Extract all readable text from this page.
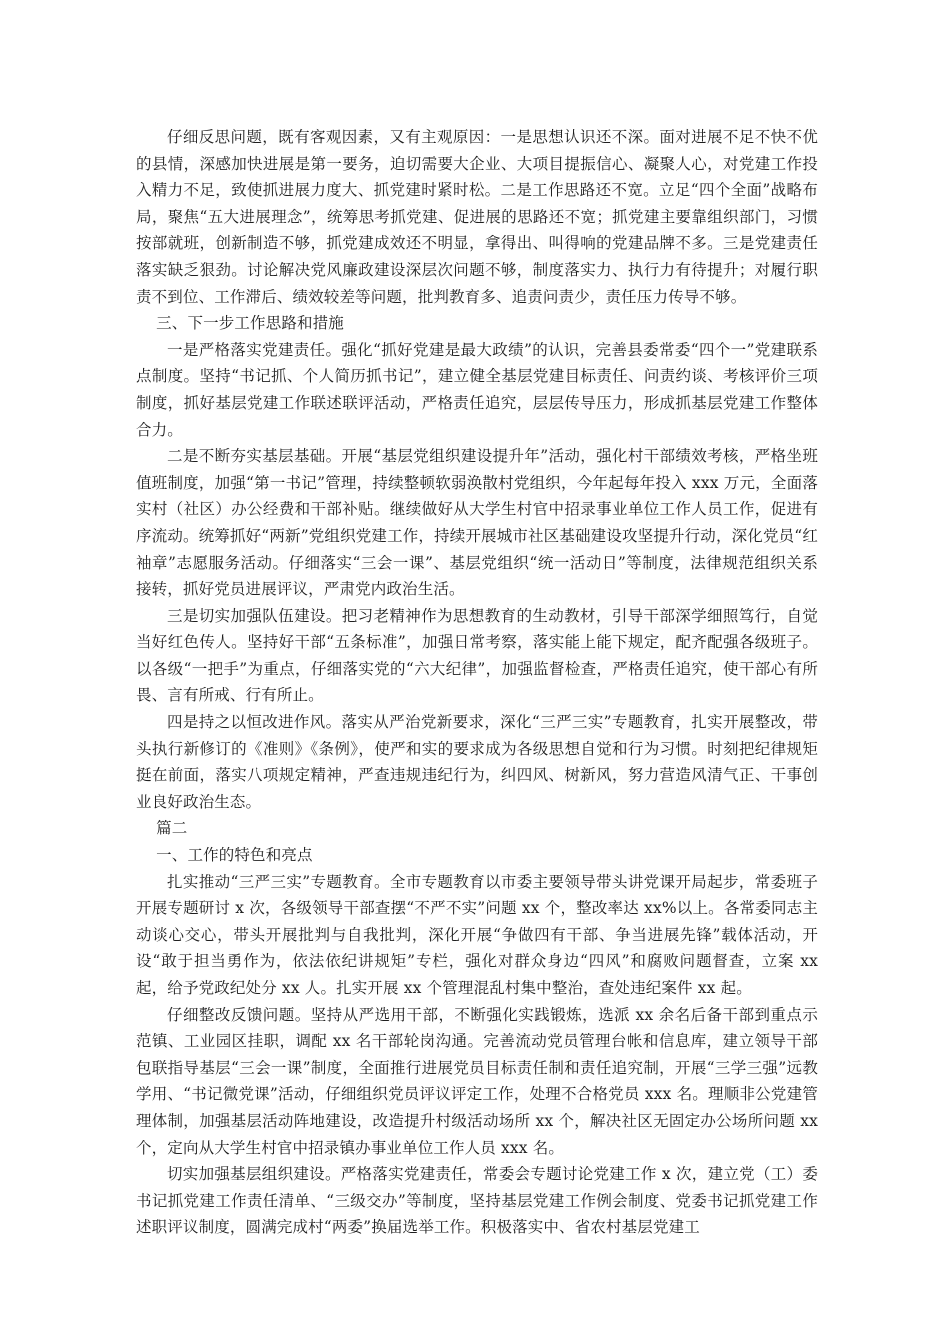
仔细反思问题，既有客观因素，又有主观原因：一是思想认识还不深。面对进展不足不快不优的县情，深感加快进展是第一要务，迫切需要大企业、大项目提振信心、凝聚人心，对党建工作投入精力不足，致使抓进展力度大、抓党建时紧时松。二是工作思路还不宽。立足“四个全面”战略布局，聚焦“五大进展理念”，统筹思考抓党建、促进展的思路还不宽；抓党建主要靠组织部门，习惯按部就班，创新制造不够，抓党建成效还不明显，拿得出、叫得响的党建品牌不多。三是党建责任落实缺乏狠劲。讨论解决党风廉政建设深层次问题不够，制度落实力、执行力有待提升；对履行职责不到位、工作滞后、绩效较差等问题，批判教育多、追责问责少，责任压力传导不够。

三、下一步工作思路和措施

一是严格落实党建责任。强化“抓好党建是最大政绩”的认识，完善县委常委“四个一”党建联系点制度。坚持“书记抓、个人简历抓书记”，建立健全基层党建目标责任、问责约谈、考核评价三项制度，抓好基层党建工作联述联评活动，严格责任追究，层层传导压力，形成抓基层党建工作整体合力。

二是不断夯实基层基础。开展“基层党组织建设提升年”活动，强化村干部绩效考核，严格坐班值班制度，加强“第一书记”管理，持续整顿软弱涣散村党组织，今年起每年投入 xxx 万元，全面落实村（社区）办公经费和干部补贴。继续做好从大学生村官中招录事业单位工作人员工作，促进有序流动。统筹抓好“两新”党组织党建工作，持续开展城市社区基础建设攻坚提升行动，深化党员“红袖章”志愿服务活动。仔细落实“三会一课”、基层党组织“统一活动日”等制度，法律规范组织关系接转，抓好党员进展评议，严肃党内政治生活。

三是切实加强队伍建设。把习老精神作为思想教育的生动教材，引导干部深学细照笃行，自觉当好红色传人。坚持好干部“五条标准”，加强日常考察，落实能上能下规定，配齐配强各级班子。以各级“一把手”为重点，仔细落实党的“六大纪律”，加强监督检查，严格责任追究，使干部心有所畏、言有所戒、行有所止。

四是持之以恒改进作风。落实从严治党新要求，深化“三严三实”专题教育，扎实开展整改，带头执行新修订的《准则》《条例》，使严和实的要求成为各级思想自觉和行为习惯。时刻把纪律规矩挺在前面，落实八项规定精神，严查违规违纪行为，纠四风、树新风，努力营造风清气正、干事创业良好政治生态。

篇二

一、工作的特色和亮点

扎实推动“三严三实”专题教育。全市专题教育以市委主要领导带头讲党课开局起步，常委班子开展专题研讨 x 次，各级领导干部查摆“不严不实”问题 xx 个，整改率达 xx%以上。各常委同志主动谈心交心，带头开展批判与自我批判，深化开展“争做四有干部、争当进展先锋”载体活动，开设“敢于担当勇作为，依法依纪讲规矩”专栏，强化对群众身边“四风”和腐败问题督查，立案 xx 起，给予党政纪处分 xx 人。扎实开展 xx 个管理混乱村集中整治，查处违纪案件 xx 起。

仔细整改反馈问题。坚持从严选用干部，不断强化实践锻炼，选派 xx 余名后备干部到重点示范镇、工业园区挂职，调配 xx 名干部轮岗沟通。完善流动党员管理台帐和信息库，建立领导干部包联指导基层“三会一课”制度，全面推行进展党员目标责任制和责任追究制，开展“三学三强”远教学用、“书记微党课”活动，仔细组织党员评议评定工作，处理不合格党员 xxx 名。理顺非公党建管理体制，加强基层活动阵地建设，改造提升村级活动场所 xx 个，解决社区无固定办公场所问题 xx 个，定向从大学生村官中招录镇办事业单位工作人员 xxx 名。

切实加强基层组织建设。严格落实党建责任，常委会专题讨论党建工作 x 次，建立党（工）委书记抓党建工作责任清单、“三级交办”等制度，坚持基层党建工作例会制度、党委书记抓党建工作述职评议制度，圆满完成村“两委”换届选举工作。积极落实中、省农村基层党建工
